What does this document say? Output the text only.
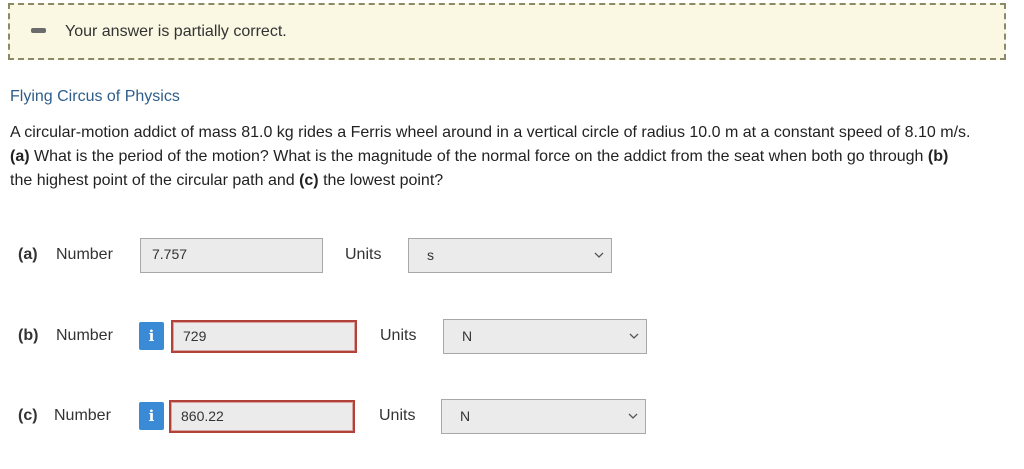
Your answer is partially correct.
Flying Circus of Physics
A circular-motion addict of mass 81.0 kg rides a Ferris wheel around in a vertical circle of radius 10.0 m at a constant speed of 8.10 m/s.
(a) What is the period of the motion? What is the magnitude of the normal force on the addict from the seat when both go through (b)
the highest point of the circular path and (c) the lowest point?
(a) Number	7.757	Units	s
(b) Number	i	729	Units	N
(c) Number	i	860.22	Units	N
